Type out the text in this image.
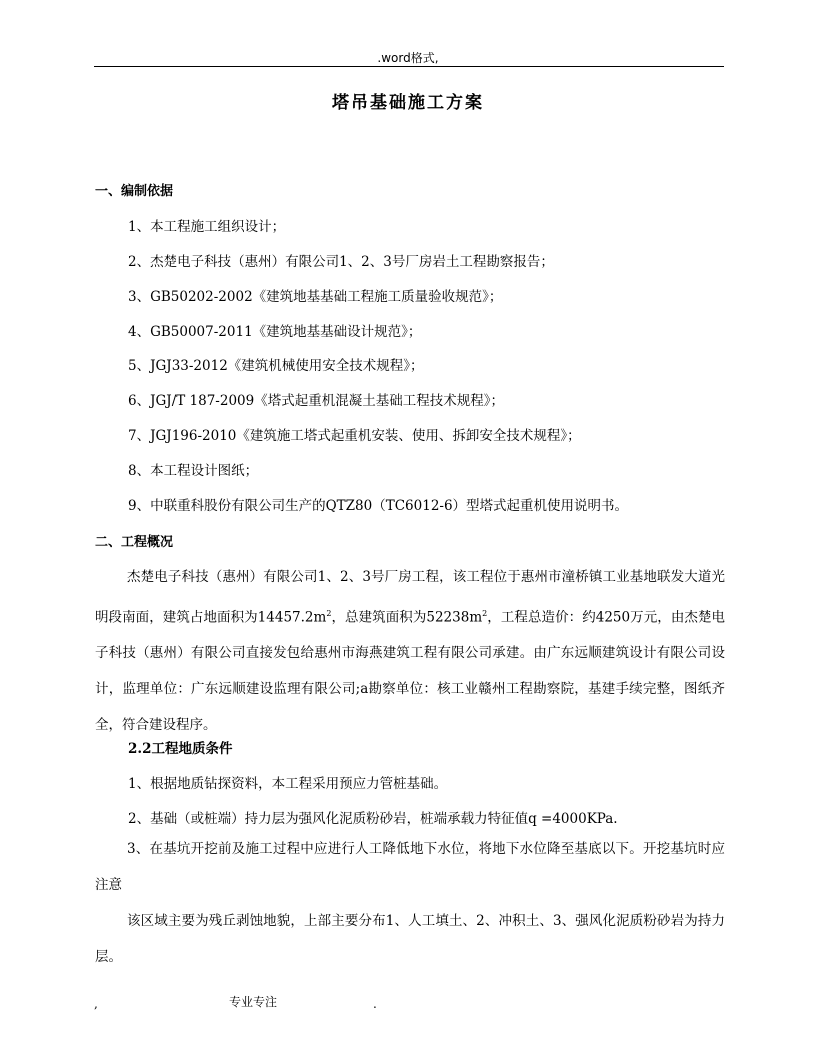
.word格式,
塔吊基础施工方案
一、编制依据
1、本工程施工组织设计；
2、杰楚电子科技（惠州）有限公司1、2、3号厂房岩土工程勘察报告；
3、GB50202-2002《建筑地基基础工程施工质量验收规范》；
4、GB50007-2011《建筑地基基础设计规范》；
5、JGJ33-2012《建筑机械使用安全技术规程》；
6、JGJ/T 187-2009《塔式起重机混凝土基础工程技术规程》；
7、JGJ196-2010《建筑施工塔式起重机安装、使用、拆卸安全技术规程》；
8、本工程设计图纸；
9、中联重科股份有限公司生产的QTZ80（TC6012-6）型塔式起重机使用说明书。
二、工程概况
杰楚电子科技（惠州）有限公司1、2、3号厂房工程，该工程位于惠州市潼桥镇工业基地联发大道光明段南面，建筑占地面积为$14457.2m^2$，总建筑面积为$52238m^2$，工程总造价：约4250万元，由杰楚电子科技（惠州）有限公司直接发包给惠州市海燕建筑工程有限公司承建。由广东远顺建筑设计有限公司设计，监理单位：广东远顺建设监理有限公司;a勘察单位：核工业赣州工程勘察院，基建手续完整，图纸齐全，符合建设程序。
2.2工程地质条件
1、根据地质钻探资料，本工程采用预应力管桩基础。
2、基础（或桩端）持力层为强风化泥质粉砂岩，桩端承载力特征值q =4000KPa.
3、在基坑开挖前及施工过程中应进行人工降低地下水位，将地下水位降至基底以下。开挖基坑时应注意
该区域主要为残丘剥蚀地貌，上部主要分布1、人工填土、2、冲积土、3、强风化泥质粉砂岩为持力层。
,	专业专注	.
